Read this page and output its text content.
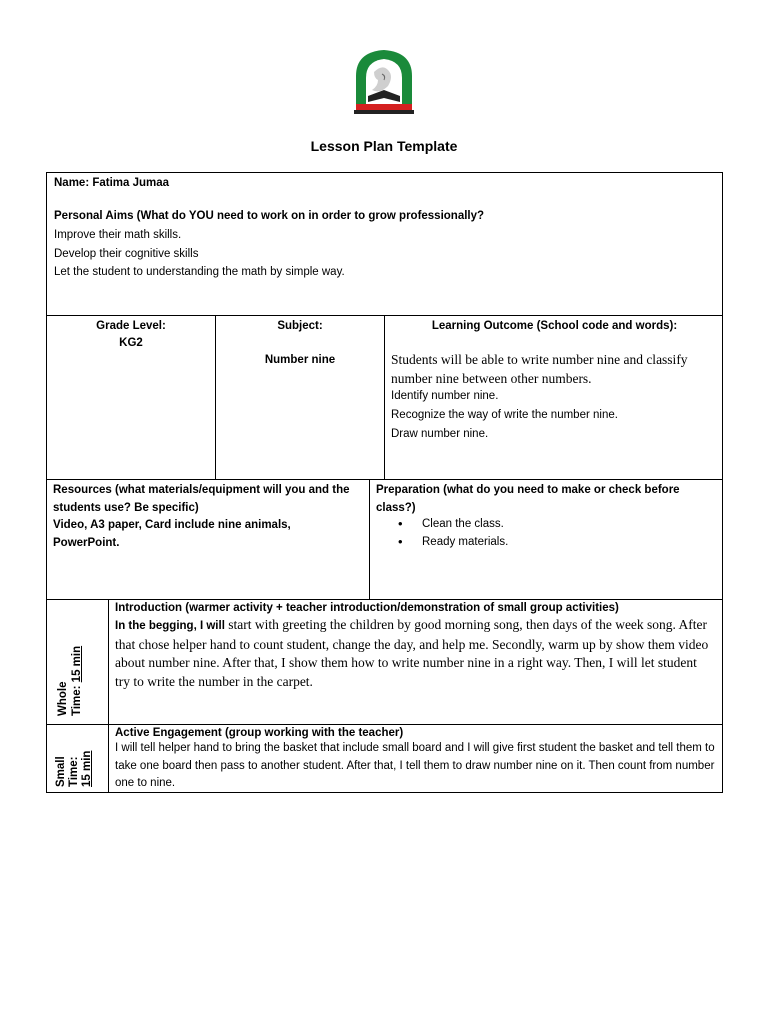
Lesson Plan Template
Name: Fatima Jumaa
Personal Aims (What do YOU need to work on in order to grow professionally?
Improve their math skills.
Develop their cognitive skills
Let the student to understanding the math by simple way.
Grade Level:
KG2
Subject:
Number nine
Learning Outcome (School code and words):
Students will be able to write number nine and classify number nine between other numbers.
Identify number nine.
Recognize the way of write the number nine.
Draw number nine.
Resources (what materials/equipment will you and the students use? Be specific)
Video, A3 paper, Card include nine animals, PowerPoint.
Preparation (what do you need to make or check before class?)
• Clean the class.
• Ready materials.
Whole Time: 15 min
Introduction (warmer activity + teacher introduction/demonstration of small group activities)
In the begging, I will start with greeting the children by good morning song, then days of the week song. After that chose helper hand to count student, change the day, and help me. Secondly, warm up by show them video about number nine. After that, I show them how to write number nine in a right way. Then, I will let student try to write the number in the carpet.
Small Time: 15 min
Active Engagement (group working with the teacher)
I will tell helper hand to bring the basket that include small board and I will give first student the basket and tell them to take one board then pass to another student. After that, I tell them to draw number nine on it. Then count from number one to nine.
